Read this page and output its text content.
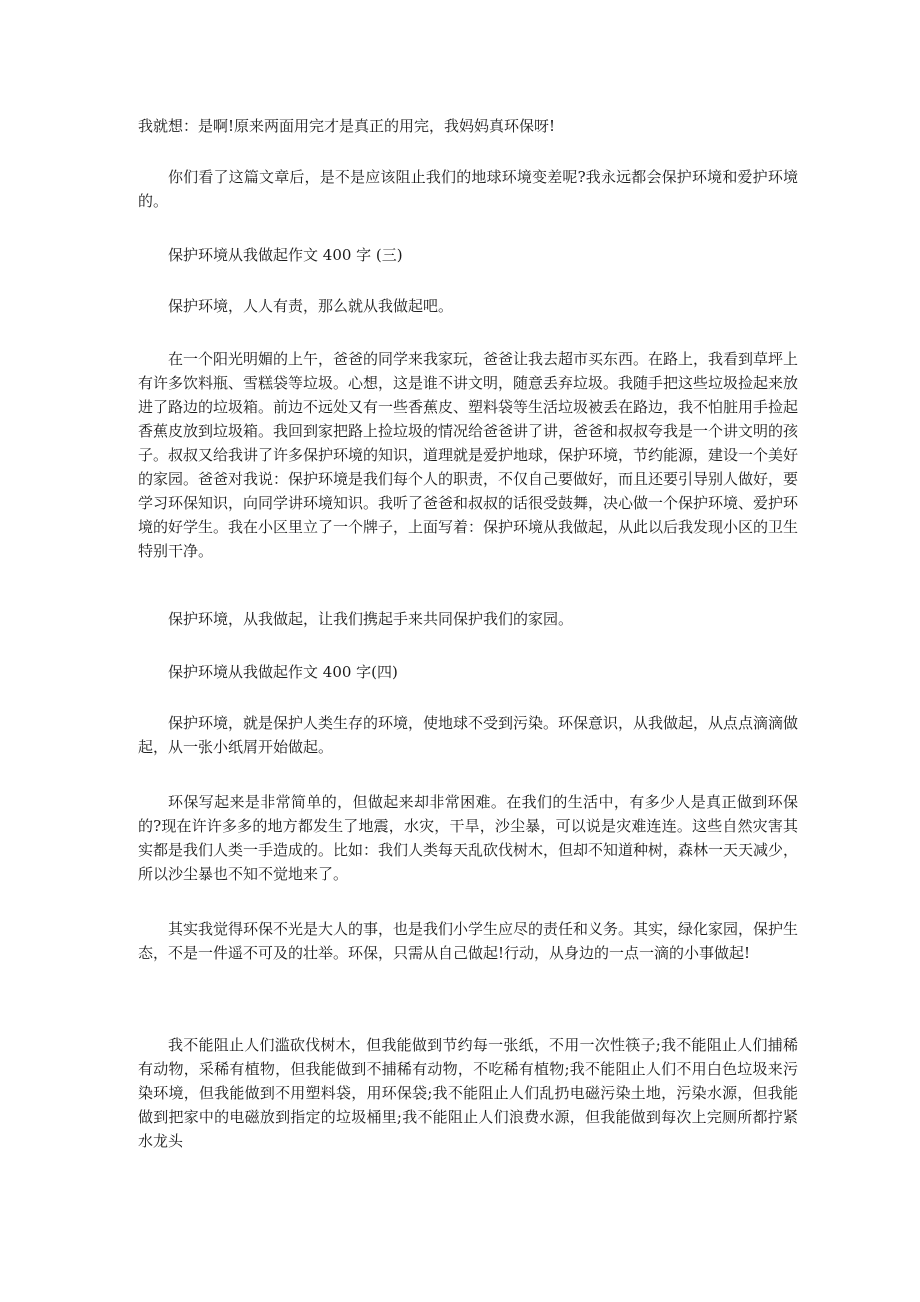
我就想：是啊!原来两面用完才是真正的用完，我妈妈真环保呀!

你们看了这篇文章后，是不是应该阻止我们的地球环境变差呢?我永远都会保护环境和爱护环境的。

保护环境从我做起作文 400 字 (三)

保护环境，人人有责，那么就从我做起吧。

在一个阳光明媚的上午，爸爸的同学来我家玩，爸爸让我去超市买东西。在路上，我看到草坪上有许多饮料瓶、雪糕袋等垃圾。心想，这是谁不讲文明，随意丢弃垃圾。我随手把这些垃圾捡起来放进了路边的垃圾箱。前边不远处又有一些香蕉皮、塑料袋等生活垃圾被丢在路边，我不怕脏用手捡起香蕉皮放到垃圾箱。我回到家把路上捡垃圾的情况给爸爸讲了讲，爸爸和叔叔夸我是一个讲文明的孩子。叔叔又给我讲了许多保护环境的知识，道理就是爱护地球，保护环境，节约能源，建设一个美好的家园。爸爸对我说：保护环境是我们每个人的职责，不仅自己要做好，而且还要引导别人做好，要学习环保知识，向同学讲环境知识。我听了爸爸和叔叔的话很受鼓舞，决心做一个保护环境、爱护环境的好学生。我在小区里立了一个牌子，上面写着：保护环境从我做起，从此以后我发现小区的卫生特别干净。

保护环境，从我做起，让我们携起手来共同保护我们的家园。

保护环境从我做起作文 400 字(四)

保护环境，就是保护人类生存的环境，使地球不受到污染。环保意识，从我做起，从点点滴滴做起，从一张小纸屑开始做起。

环保写起来是非常简单的，但做起来却非常困难。在我们的生活中，有多少人是真正做到环保的?现在许许多多的地方都发生了地震，水灾，干旱，沙尘暴，可以说是灾难连连。这些自然灾害其实都是我们人类一手造成的。比如：我们人类每天乱砍伐树木，但却不知道种树，森林一天天减少，所以沙尘暴也不知不觉地来了。

其实我觉得环保不光是大人的事，也是我们小学生应尽的责任和义务。其实，绿化家园，保护生态，不是一件遥不可及的壮举。环保，只需从自己做起!行动，从身边的一点一滴的小事做起!

我不能阻止人们滥砍伐树木，但我能做到节约每一张纸，不用一次性筷子;我不能阻止人们捕稀有动物，采稀有植物，但我能做到不捕稀有动物，不吃稀有植物;我不能阻止人们不用白色垃圾来污染环境，但我能做到不用塑料袋，用环保袋;我不能阻止人们乱扔电磁污染土地，污染水源，但我能做到把家中的电磁放到指定的垃圾桶里;我不能阻止人们浪费水源，但我能做到每次上完厕所都拧紧水龙头
